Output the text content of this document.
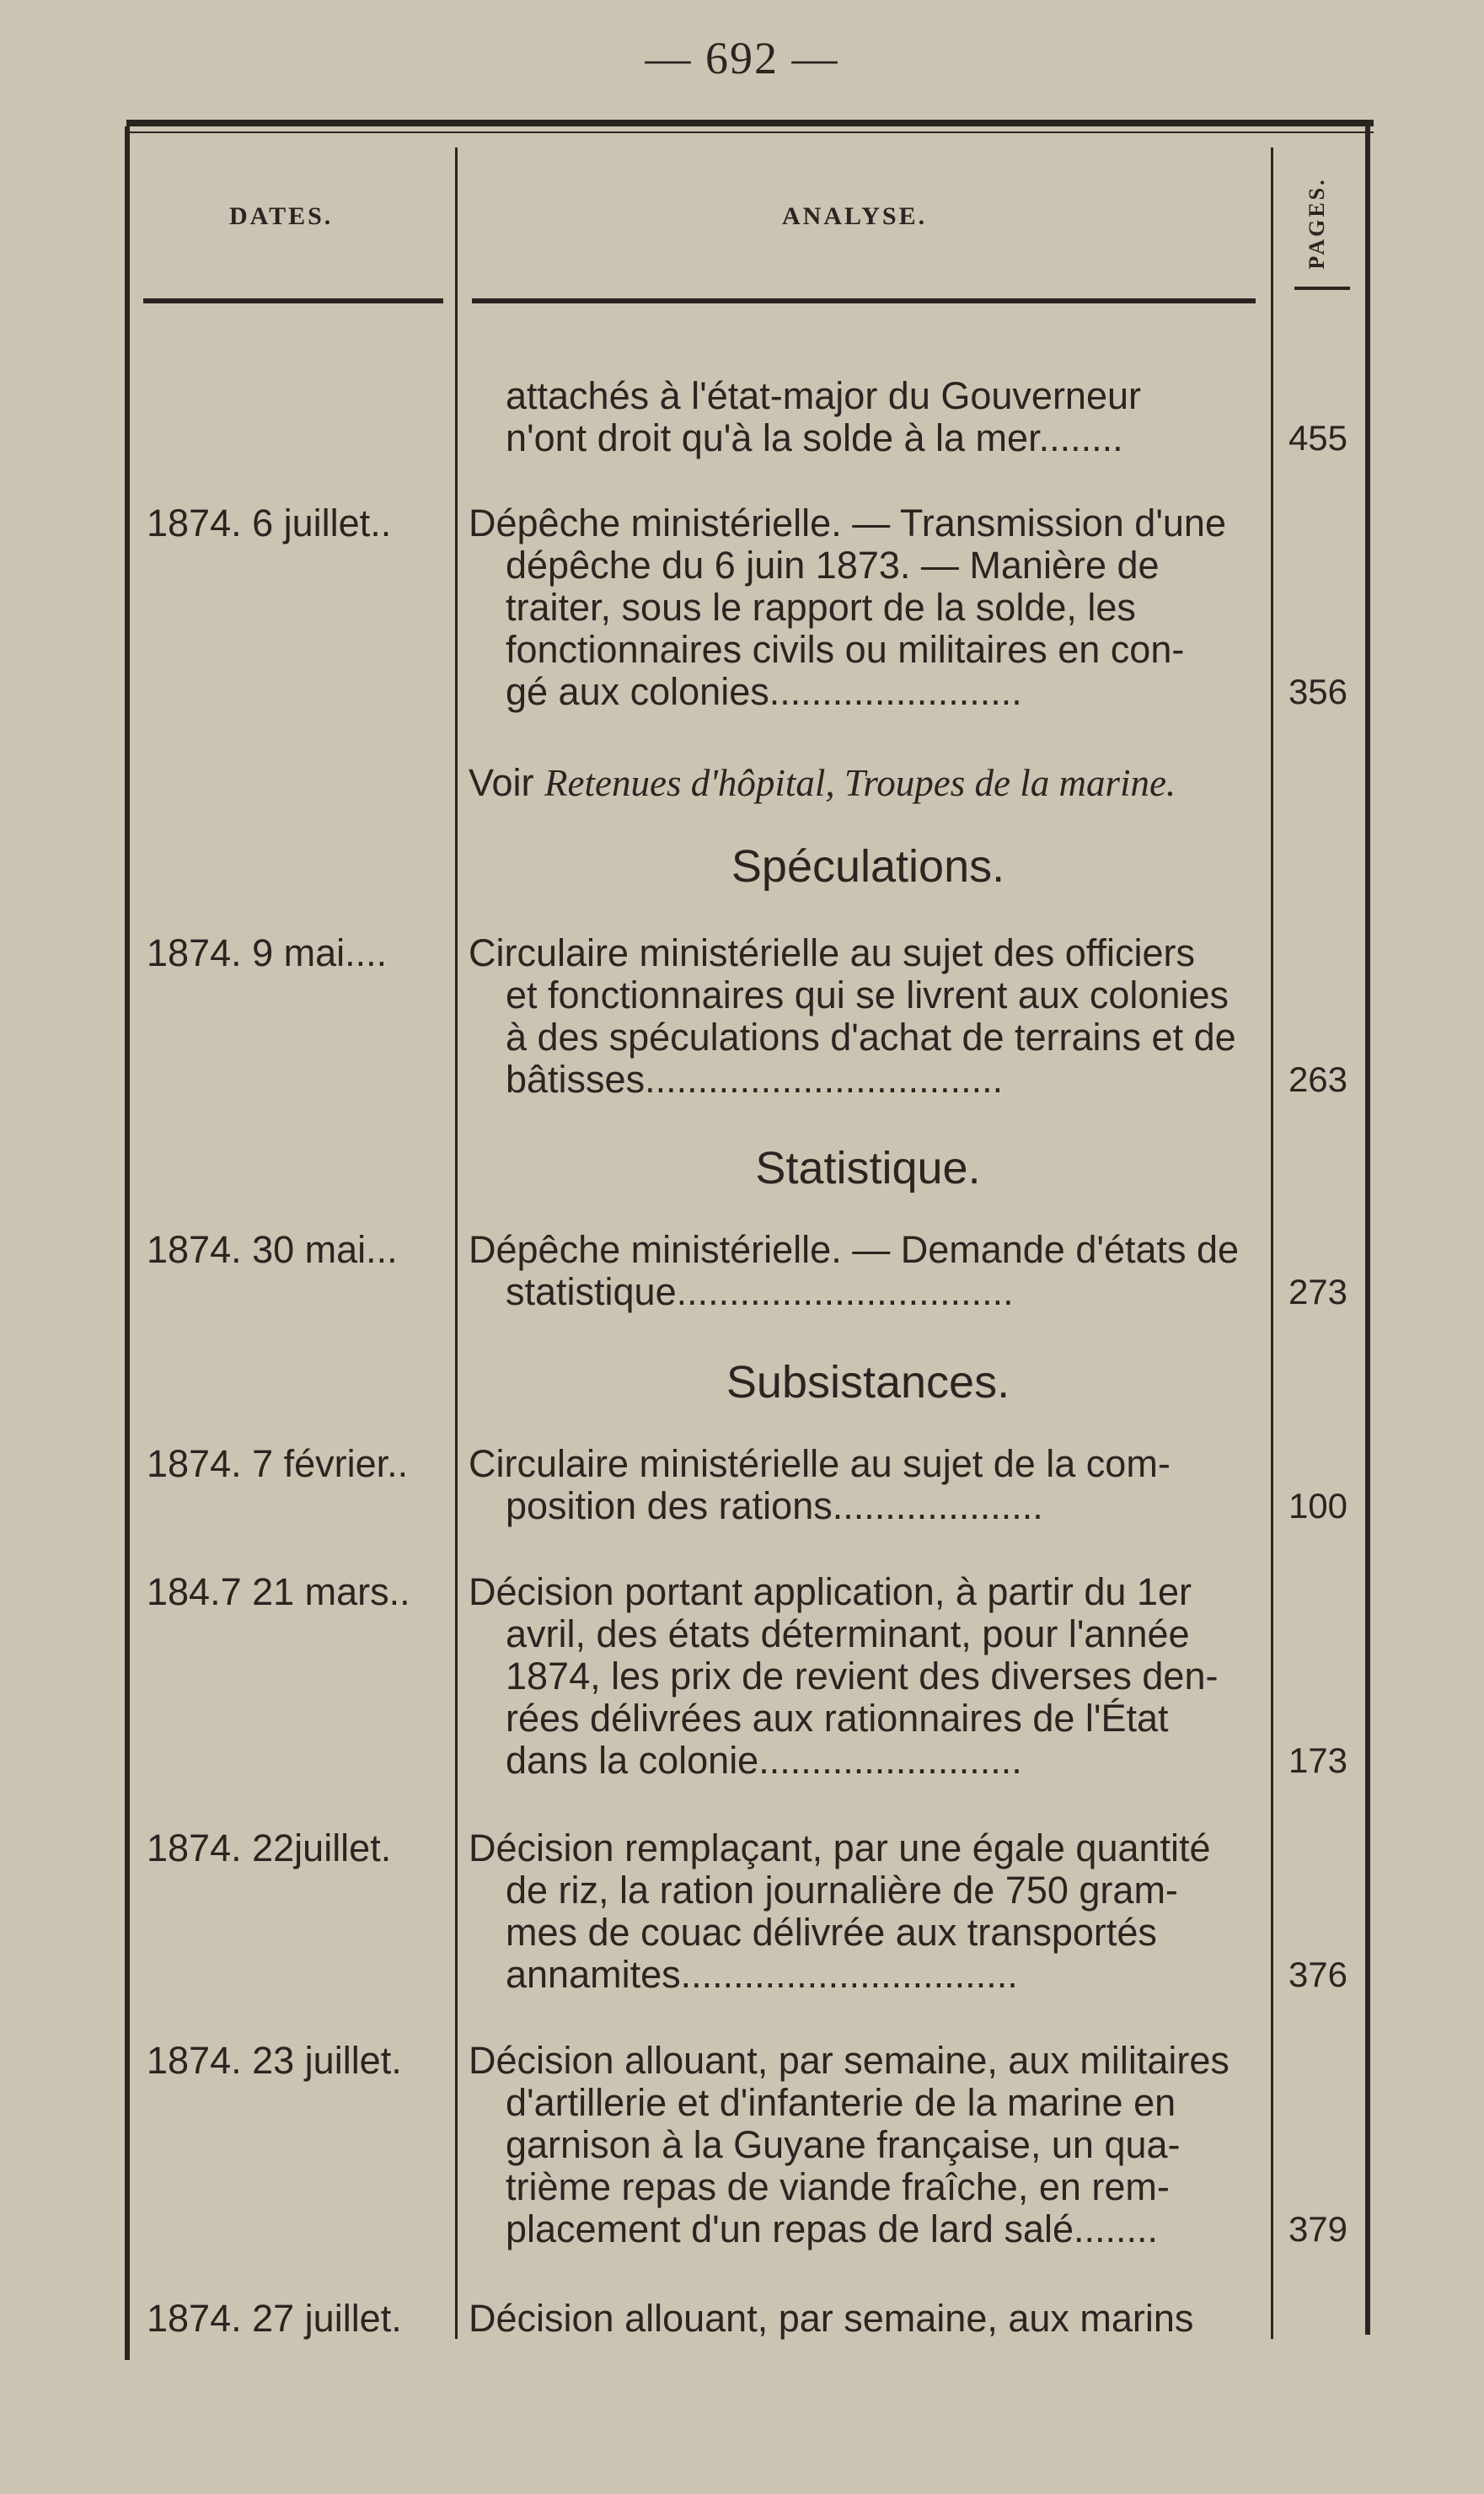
— 692 —
DATES.	ANALYSE.	PAGES.
attachés à l'état-major du Gouverneur
n'ont droit qu'à la solde à la mer........	455
1874. 6 juillet.. Dépêche ministérielle. — Transmission d'une
dépêche du 6 juin 1873. — Manière de
traiter, sous le rapport de la solde, les
fonctionnaires civils ou militaires en con-
gé aux colonies........................	356
Voir Retenues d'hôpital, Troupes de la marine.
Spéculations.
1874. 9 mai.... Circulaire ministérielle au sujet des officiers
et fonctionnaires qui se livrent aux colonies
à des spéculations d'achat de terrains et de
bâtisses..................................	263
Statistique.
1874. 30 mai... Dépêche ministérielle. — Demande d'états de
statistique................................	273
Subsistances.
1874. 7 février.. Circulaire ministérielle au sujet de la com-
position des rations....................	100
184.7 21 mars.. Décision portant application, à partir du 1er
avril, des états déterminant, pour l'année
1874, les prix de revient des diverses den-
rées délivrées aux rationnaires de l'État
dans la colonie.........................	173
1874. 22juillet. Décision remplaçant, par une égale quantité
de riz, la ration journalière de 750 gram-
mes de couac délivrée aux transportés
annamites................................	376
1874. 23 juillet. Décision allouant, par semaine, aux militaires
d'artillerie et d'infanterie de la marine en
garnison à la Guyane française, un qua-
trième repas de viande fraîche, en rem-
placement d'un repas de lard salé........	379
1874. 27 juillet. Décision allouant, par semaine, aux marins
